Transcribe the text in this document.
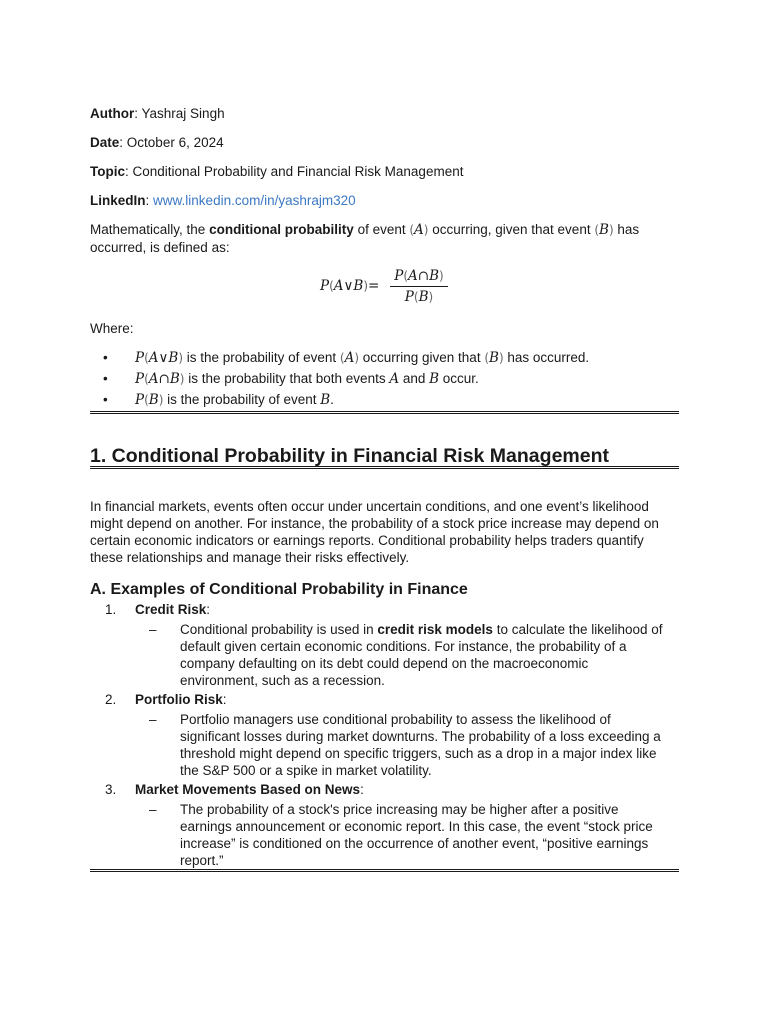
Author: Yashraj Singh
Date: October 6, 2024
Topic: Conditional Probability and Financial Risk Management
LinkedIn: www.linkedin.com/in/yashrajm320
Mathematically, the conditional probability of event (A) occurring, given that event (B) has
occurred, is defined as:
P(A∨B)=
P(A∩B)
P(B)
Where:
• P(A∨B) is the probability of event (A) occurring given that (B) has occurred.
• P(A∩B) is the probability that both events A and B occur.
• P(B) is the probability of event B.
1. Conditional Probability in Financial Risk Management
In financial markets, events often occur under uncertain conditions, and one event’s likelihood
might depend on another. For instance, the probability of a stock price increase may depend on
certain economic indicators or earnings reports. Conditional probability helps traders quantify
these relationships and manage their risks effectively.
A. Examples of Conditional Probability in Finance
1. Credit Risk:
– Conditional probability is used in credit risk models to calculate the likelihood of
default given certain economic conditions. For instance, the probability of a
company defaulting on its debt could depend on the macroeconomic
environment, such as a recession.
2. Portfolio Risk:
– Portfolio managers use conditional probability to assess the likelihood of
significant losses during market downturns. The probability of a loss exceeding a
threshold might depend on specific triggers, such as a drop in a major index like
the S&P 500 or a spike in market volatility.
3. Market Movements Based on News:
– The probability of a stock's price increasing may be higher after a positive
earnings announcement or economic report. In this case, the event “stock price
increase” is conditioned on the occurrence of another event, “positive earnings
report.”
